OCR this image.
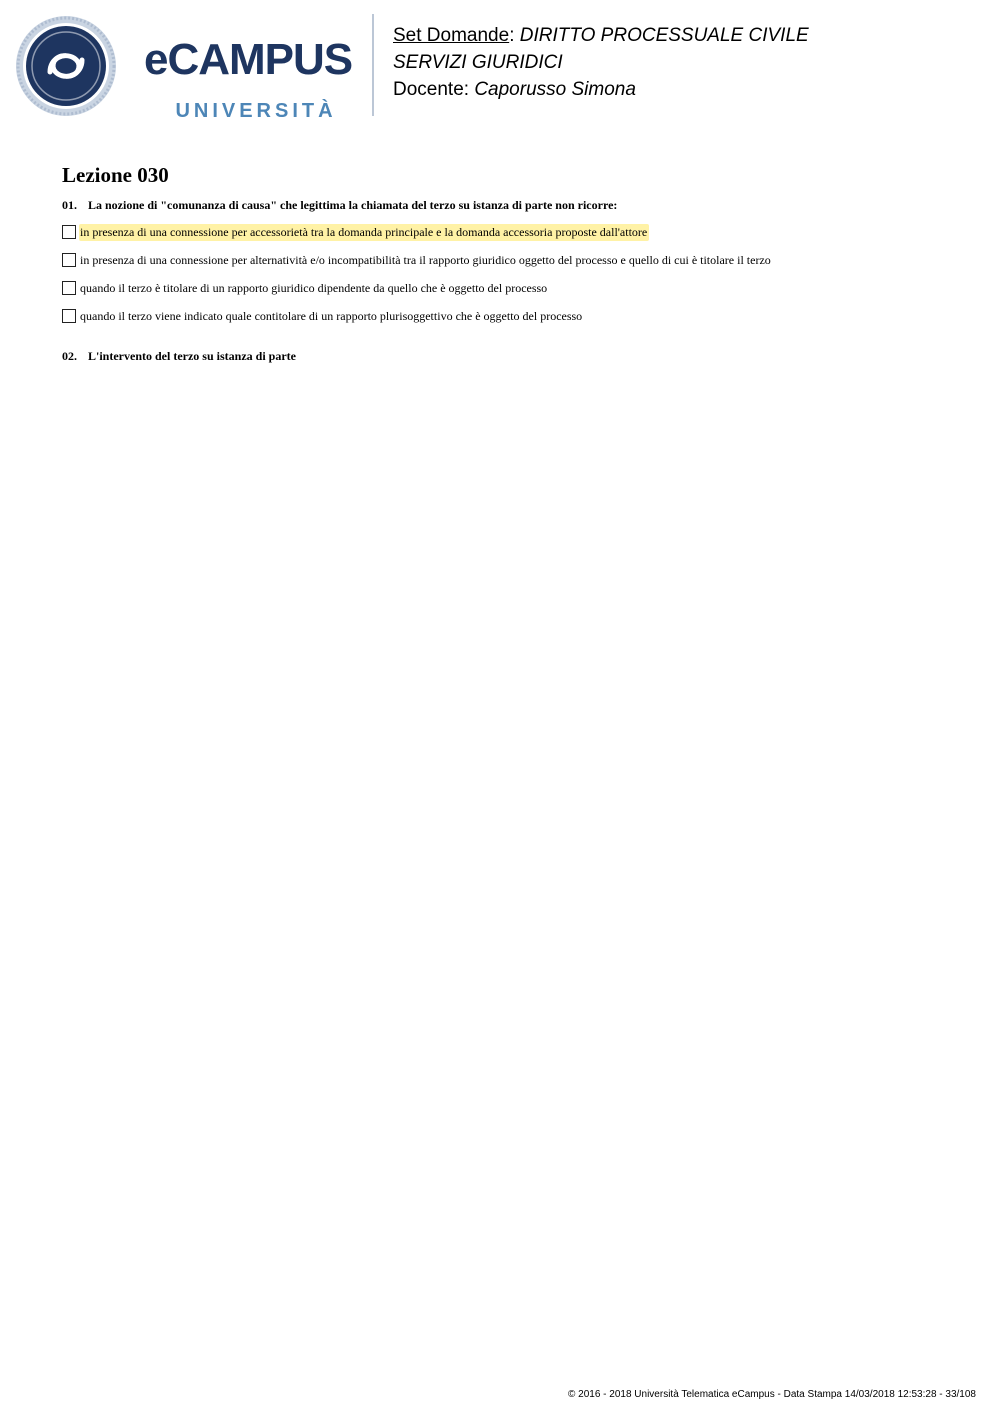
eCAMPUS
UNIVERSITÀ
Set Domande: DIRITTO PROCESSUALE CIVILE
SERVIZI GIURIDICI
Docente: Caporusso Simona
Lezione 030
01. La nozione di "comunanza di causa" che legittima la chiamata del terzo su istanza di parte non ricorre:
in presenza di una connessione per accessorietà tra la domanda principale e la domanda accessoria proposte dall'attore
in presenza di una connessione per alternatività e/o incompatibilità tra il rapporto giuridico oggetto del processo e quello di cui è titolare il terzo
quando il terzo è titolare di un rapporto giuridico dipendente da quello che è oggetto del processo
quando il terzo viene indicato quale contitolare di un rapporto plurisoggettivo che è oggetto del processo
02. L'intervento del terzo su istanza di parte
© 2016 - 2018 Università Telematica eCampus - Data Stampa 14/03/2018 12:53:28 - 33/108
